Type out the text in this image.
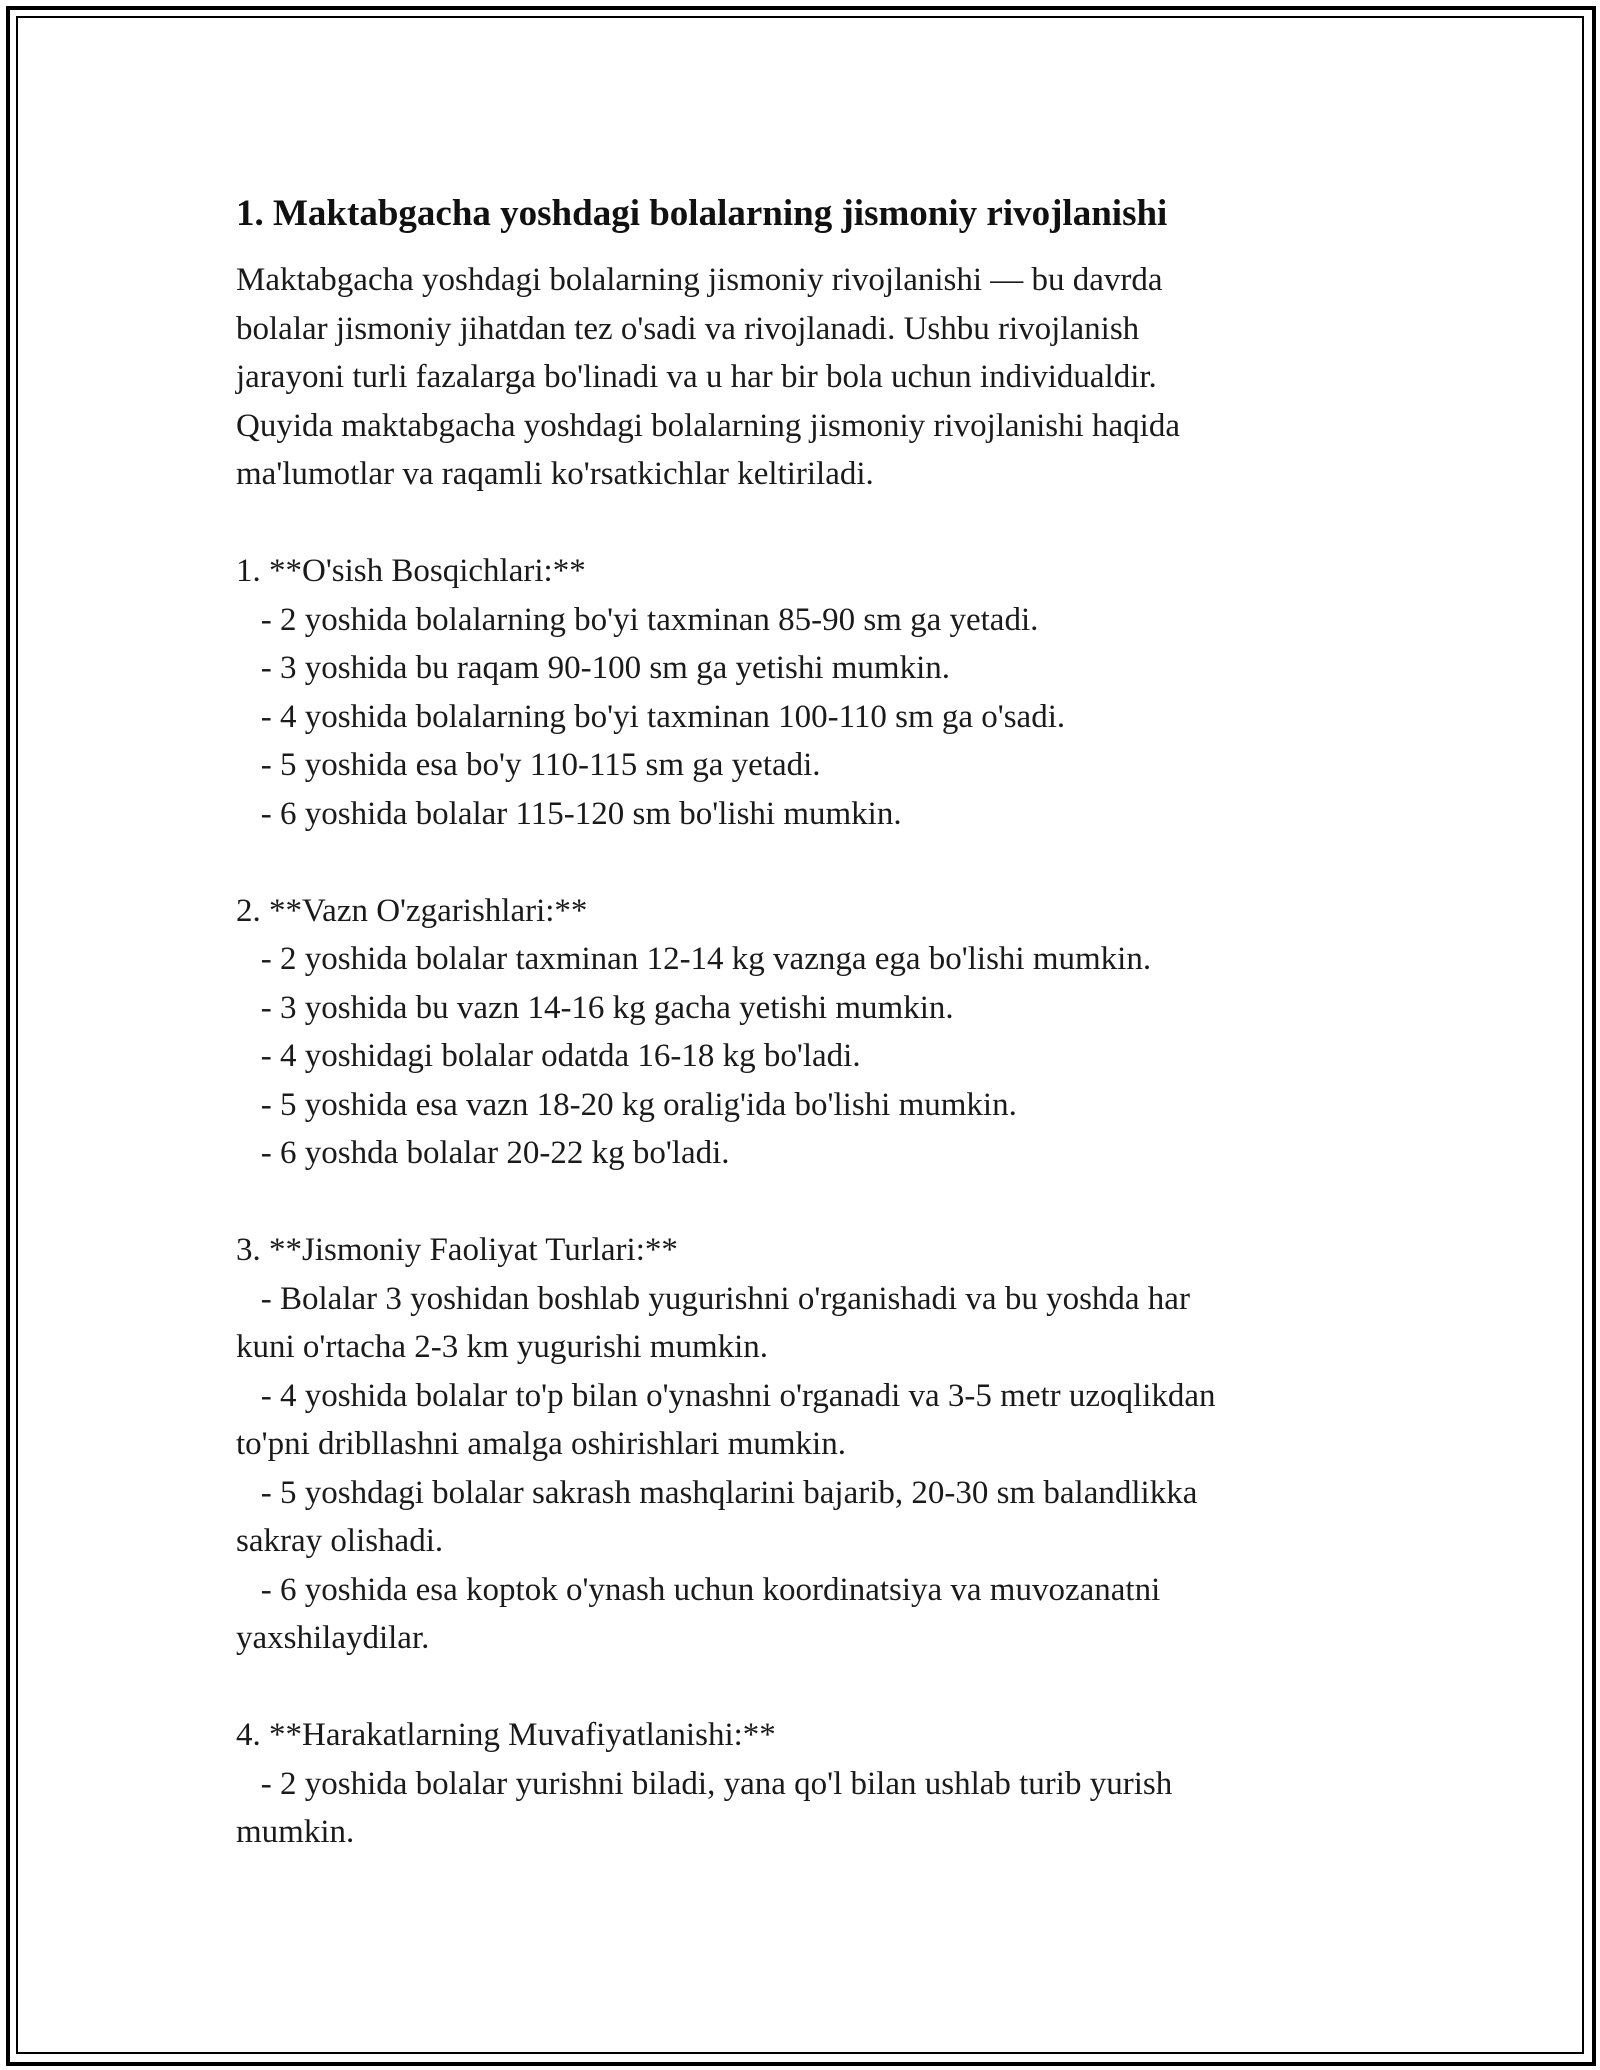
1. Maktabgacha yoshdagi bolalarning jismoniy rivojlanishi

Maktabgacha yoshdagi bolalarning jismoniy rivojlanishi — bu davrda
bolalar jismoniy jihatdan tez o'sadi va rivojlanadi. Ushbu rivojlanish
jarayoni turli fazalarga bo'linadi va u har bir bola uchun individualdir.
Quyida maktabgacha yoshdagi bolalarning jismoniy rivojlanishi haqida
ma'lumotlar va raqamli ko'rsatkichlar keltiriladi.

1. **O'sish Bosqichlari:**

- 2 yoshida bolalarning bo'yi taxminan 85-90 sm ga yetadi.
- 3 yoshida bu raqam 90-100 sm ga yetishi mumkin.
- 4 yoshida bolalarning bo'yi taxminan 100-110 sm ga o'sadi.
- 5 yoshida esa bo'y 110-115 sm ga yetadi.
- 6 yoshida bolalar 115-120 sm bo'lishi mumkin.

2. **Vazn O'zgarishlari:**

- 2 yoshida bolalar taxminan 12-14 kg vaznga ega bo'lishi mumkin.
- 3 yoshida bu vazn 14-16 kg gacha yetishi mumkin.
- 4 yoshidagi bolalar odatda 16-18 kg bo'ladi.
- 5 yoshida esa vazn 18-20 kg oralig'ida bo'lishi mumkin.
- 6 yoshda bolalar 20-22 kg bo'ladi.

3. **Jismoniy Faoliyat Turlari:**

- Bolalar 3 yoshidan boshlab yugurishni o'rganishadi va bu yoshda har
kuni o'rtacha 2-3 km yugurishi mumkin.
- 4 yoshida bolalar to'p bilan o'ynashni o'rganadi va 3-5 metr uzoqlikdan
to'pni dribllashni amalga oshirishlari mumkin.
- 5 yoshdagi bolalar sakrash mashqlarini bajarib, 20-30 sm balandlikka
sakray olishadi.
- 6 yoshida esa koptok o'ynash uchun koordinatsiya va muvozanatni
yaxshilaydilar.

4. **Harakatlarning Muvafiyatlanishi:**

- 2 yoshida bolalar yurishni biladi, yana qo'l bilan ushlab turib yurish
mumkin.
